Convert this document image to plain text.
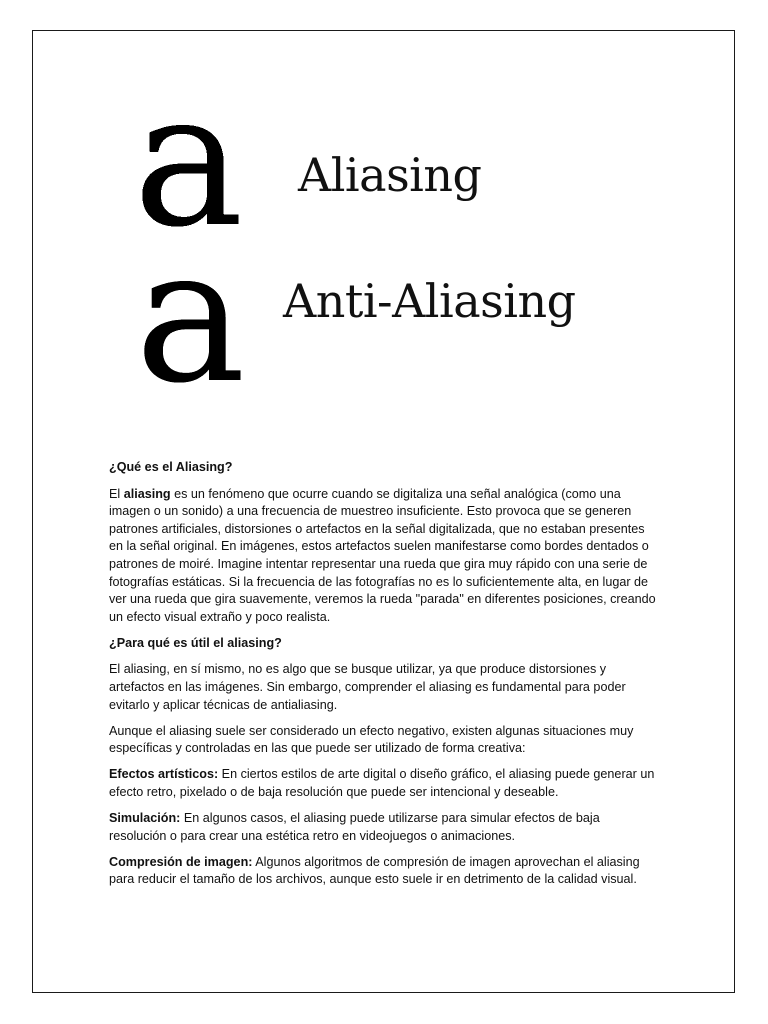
a
a
Aliasing
Anti-Aliasing

¿Qué es el Aliasing?

El aliasing es un fenómeno que ocurre cuando se digitaliza una señal analógica (como una imagen o un sonido) a una frecuencia de muestreo insuficiente. Esto provoca que se generen patrones artificiales, distorsiones o artefactos en la señal digitalizada, que no estaban presentes en la señal original. En imágenes, estos artefactos suelen manifestarse como bordes dentados o patrones de moiré. Imagine intentar representar una rueda que gira muy rápido con una serie de fotografías estáticas. Si la frecuencia de las fotografías no es lo suficientemente alta, en lugar de ver una rueda que gira suavemente, veremos la rueda "parada" en diferentes posiciones, creando un efecto visual extraño y poco realista.

¿Para qué es útil el aliasing?

El aliasing, en sí mismo, no es algo que se busque utilizar, ya que produce distorsiones y artefactos en las imágenes. Sin embargo, comprender el aliasing es fundamental para poder evitarlo y aplicar técnicas de antialiasing.

Aunque el aliasing suele ser considerado un efecto negativo, existen algunas situaciones muy específicas y controladas en las que puede ser utilizado de forma creativa:

Efectos artísticos: En ciertos estilos de arte digital o diseño gráfico, el aliasing puede generar un efecto retro, pixelado o de baja resolución que puede ser intencional y deseable.

Simulación: En algunos casos, el aliasing puede utilizarse para simular efectos de baja resolución o para crear una estética retro en videojuegos o animaciones.

Compresión de imagen: Algunos algoritmos de compresión de imagen aprovechan el aliasing para reducir el tamaño de los archivos, aunque esto suele ir en detrimento de la calidad visual.
